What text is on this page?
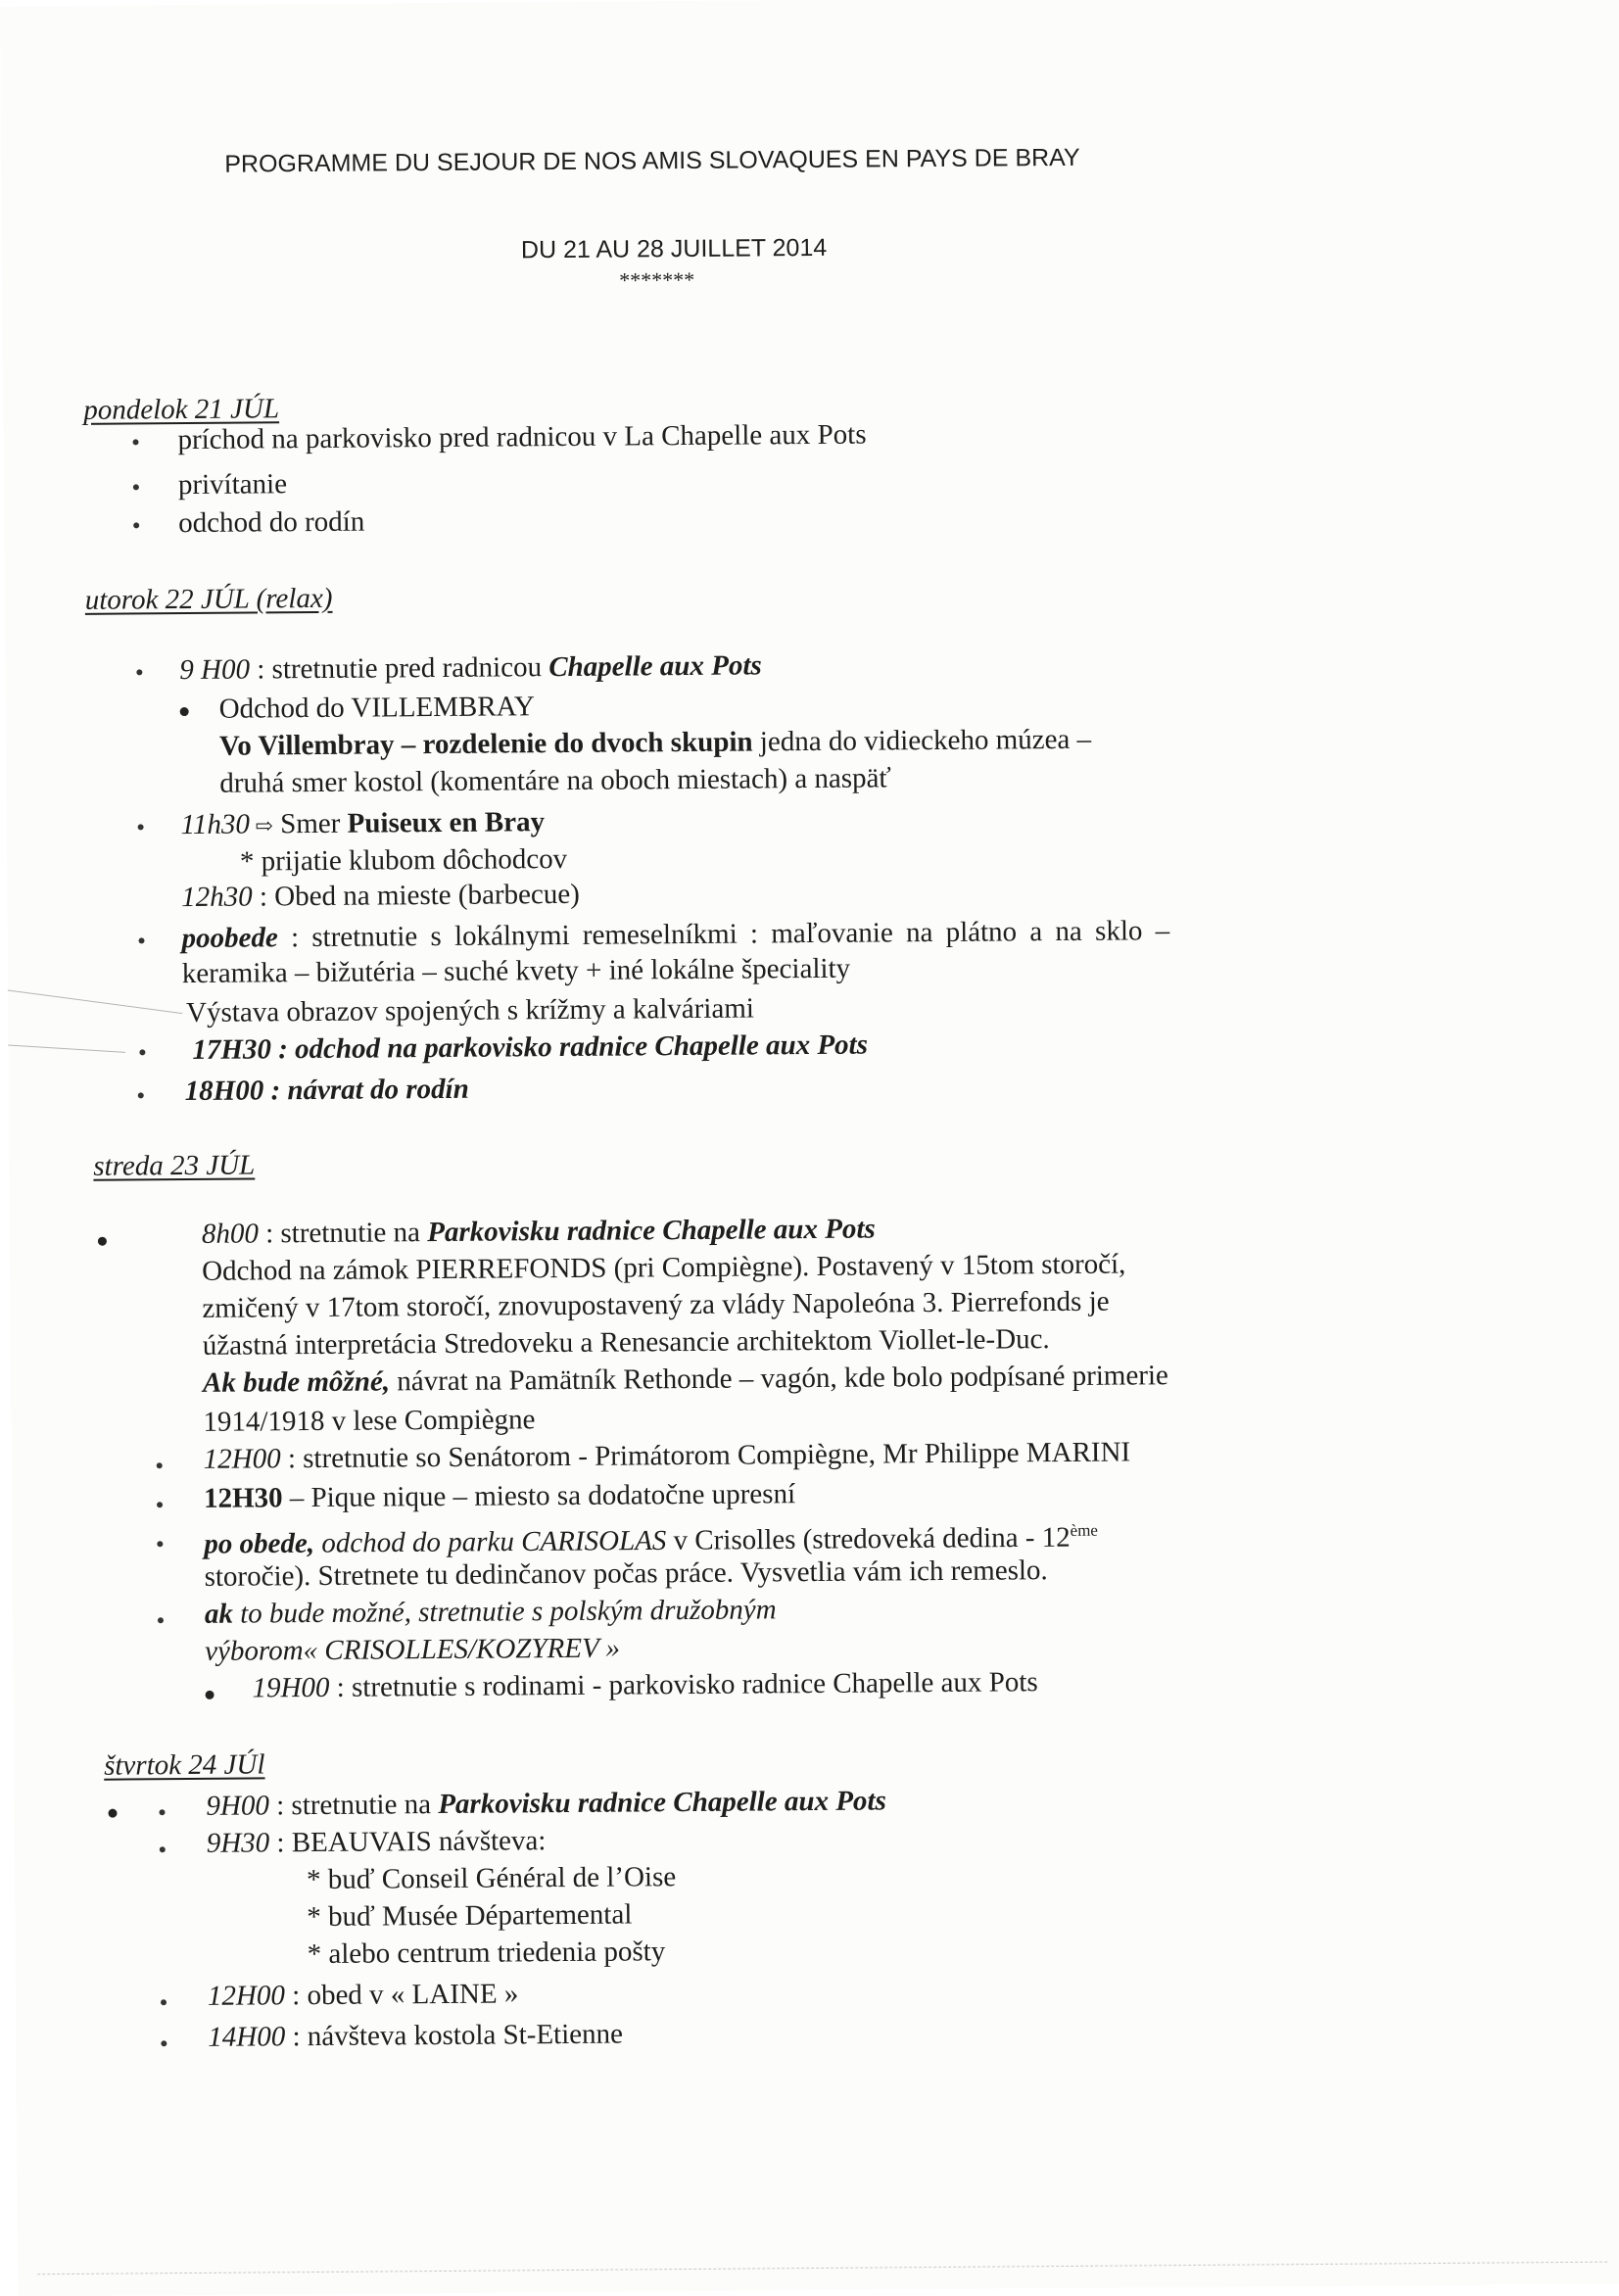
PROGRAMME DU SEJOUR DE NOS AMIS SLOVAQUES EN PAYS DE BRAY
DU 21 AU 28 JUILLET 2014
*******
pondelok 21 JÚL
príchod na parkovisko pred radnicou v La Chapelle aux Pots
privítanie
odchod do rodín
utorok 22 JÚL (relax)
9 H00 : stretnutie pred radnicou Chapelle aux Pots
Odchod do VILLEMBRAY
Vo Villembray – rozdelenie do dvoch skupin jedna do vidieckeho múzea –
druhá smer kostol (komentáre na oboch miestach) a naspäť
11h30 ⇨ Smer Puiseux en Bray
* prijatie klubom dôchodcov
12h30 : Obed na mieste (barbecue)
poobede : stretnutie s lokálnymi remeselníkmi : maľovanie na plátno a na sklo –
keramika – bižutéria – suché kvety + iné lokálne špeciality
Výstava obrazov spojených s krížmy a kalváriami
17H30 : odchod na parkovisko radnice Chapelle aux Pots
18H00 : návrat do rodín
streda 23 JÚL
8h00 : stretnutie na Parkovisku radnice Chapelle aux Pots
Odchod na zámok PIERREFONDS (pri Compiègne). Postavený v 15tom storočí,
zmičený v 17tom storočí, znovupostavený za vlády Napoleóna 3. Pierrefonds je
úžastná interpretácia Stredoveku a Renesancie architektom Viollet-le-Duc.
Ak bude môžné, návrat na Pamätník Rethonde – vagón, kde bolo podpísané primerie
1914/1918 v lese Compiègne
12H00 : stretnutie so Senátorom - Primátorom Compiègne, Mr Philippe MARINI
12H30 – Pique nique – miesto sa dodatočne upresní
po obede, odchod do parku CARISOLAS v Crisolles (stredoveká dedina - 12ème
storočie). Stretnete tu dedinčanov počas práce. Vysvetlia vám ich remeslo.
ak to bude možné, stretnutie s polským družobným
výborom« CRISOLLES/KOZYREV »
19H00 : stretnutie s rodinami - parkovisko radnice Chapelle aux Pots
štvrtok 24 JÚl
9H00 : stretnutie na Parkovisku radnice Chapelle aux Pots
9H30 : BEAUVAIS návšteva:
* buď Conseil Général de l’Oise
* buď Musée Départemental
* alebo centrum triedenia pošty
12H00 : obed v « LAINE »
14H00 : návšteva kostola St-Etienne
